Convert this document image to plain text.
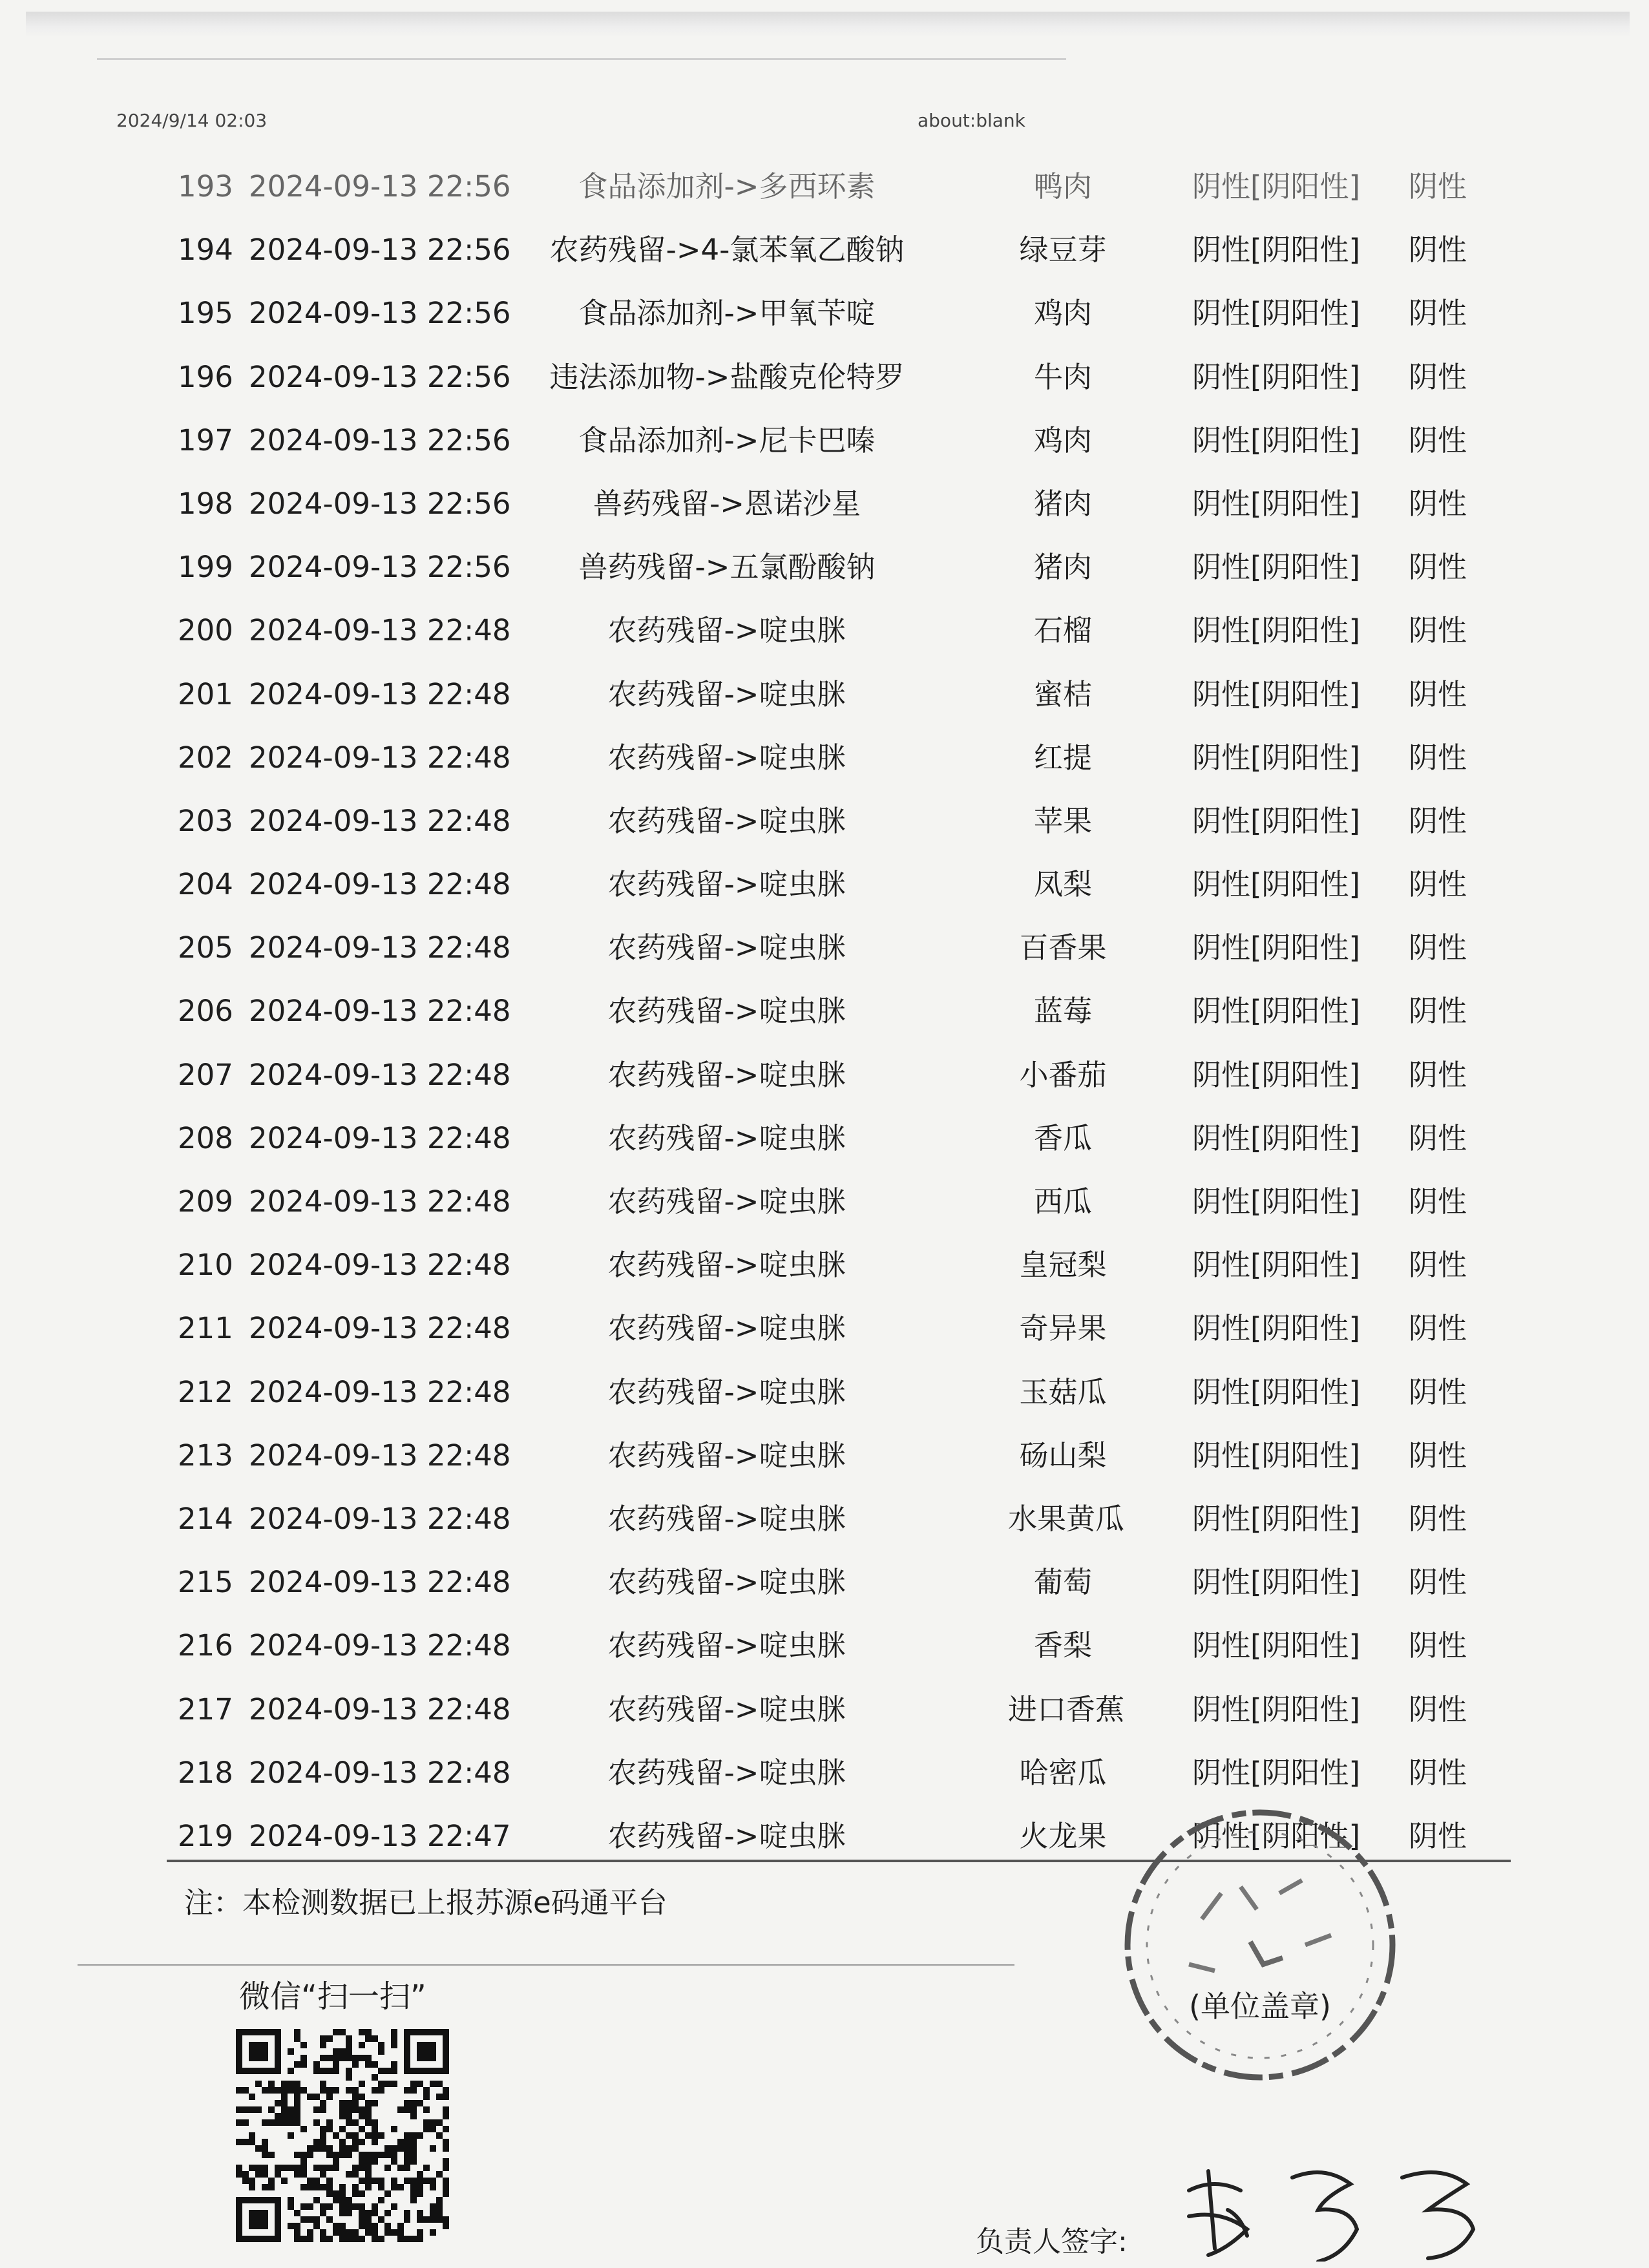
2024/9/14 02:03	about:blank
193 2024-09-13 22:56	食品添加剂->多西环素	鸭肉	阴性[阴阳性]	阴性
194 2024-09-13 22:56	农药残留->4-氯苯氧乙酸钠	绿豆芽	阴性[阴阳性]	阴性
195 2024-09-13 22:56	食品添加剂->甲氧苄啶	鸡肉	阴性[阴阳性]	阴性
196 2024-09-13 22:56	违法添加物->盐酸克伦特罗	牛肉	阴性[阴阳性]	阴性
197 2024-09-13 22:56	食品添加剂->尼卡巴嗪	鸡肉	阴性[阴阳性]	阴性
198 2024-09-13 22:56	兽药残留->恩诺沙星	猪肉	阴性[阴阳性]	阴性
199 2024-09-13 22:56	兽药残留->五氯酚酸钠	猪肉	阴性[阴阳性]	阴性
200 2024-09-13 22:48	农药残留->啶虫脒	石榴	阴性[阴阳性]	阴性
201 2024-09-13 22:48	农药残留->啶虫脒	蜜桔	阴性[阴阳性]	阴性
202 2024-09-13 22:48	农药残留->啶虫脒	红提	阴性[阴阳性]	阴性
203 2024-09-13 22:48	农药残留->啶虫脒	苹果	阴性[阴阳性]	阴性
204 2024-09-13 22:48	农药残留->啶虫脒	凤梨	阴性[阴阳性]	阴性
205 2024-09-13 22:48	农药残留->啶虫脒	百香果	阴性[阴阳性]	阴性
206 2024-09-13 22:48	农药残留->啶虫脒	蓝莓	阴性[阴阳性]	阴性
207 2024-09-13 22:48	农药残留->啶虫脒	小番茄	阴性[阴阳性]	阴性
208 2024-09-13 22:48	农药残留->啶虫脒	香瓜	阴性[阴阳性]	阴性
209 2024-09-13 22:48	农药残留->啶虫脒	西瓜	阴性[阴阳性]	阴性
210 2024-09-13 22:48	农药残留->啶虫脒	皇冠梨	阴性[阴阳性]	阴性
211 2024-09-13 22:48	农药残留->啶虫脒	奇异果	阴性[阴阳性]	阴性
212 2024-09-13 22:48	农药残留->啶虫脒	玉菇瓜	阴性[阴阳性]	阴性
213 2024-09-13 22:48	农药残留->啶虫脒	砀山梨	阴性[阴阳性]	阴性
214 2024-09-13 22:48	农药残留->啶虫脒	水果黄瓜 阴性[阴阳性]	阴性
215 2024-09-13 22:48	农药残留->啶虫脒	葡萄	阴性[阴阳性]	阴性
216 2024-09-13 22:48	农药残留->啶虫脒	香梨	阴性[阴阳性]	阴性
217 2024-09-13 22:48	农药残留->啶虫脒	进口香蕉 阴性[阴阳性]	阴性
218 2024-09-13 22:48	农药残留->啶虫脒	哈密瓜	阴性[阴阳性]	阴性
219 2024-09-13 22:47	农药残留->啶虫脒	火龙果	阴性[阴阳性]	阴性
注：本检测数据已上报苏源e码通平台
微信“扫一扫”	(单位盖章)
负责人签字:
